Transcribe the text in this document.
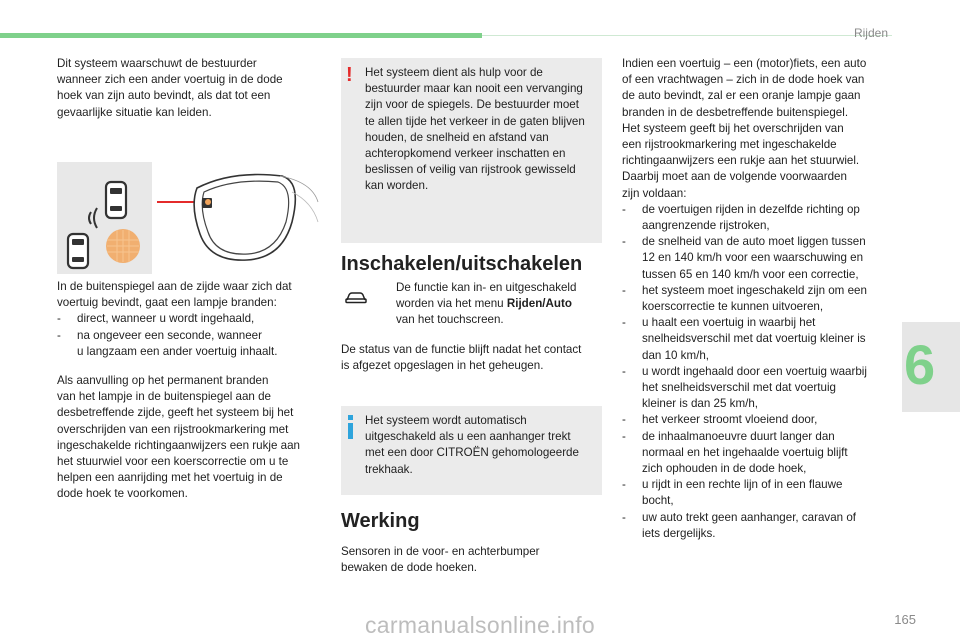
Rijden
6
Dit systeem waarschuwt de bestuurder
wanneer zich een ander voertuig in de dode
hoek van zijn auto bevindt, als dat tot een
gevaarlijke situatie kan leiden.
In de buitenspiegel aan de zijde waar zich dat
voertuig bevindt, gaat een lampje branden:
- direct, wanneer u wordt ingehaald,
- na ongeveer een seconde, wanneer
u langzaam een ander voertuig inhaalt.
Als aanvulling op het permanent branden
van het lampje in de buitenspiegel aan de
desbetreffende zijde, geeft het systeem bij het
overschrijden van een rijstrookmarkering met
ingeschakelde richtingaanwijzers een rukje aan
het stuurwiel voor een koerscorrectie om u te
helpen een aanrijding met het voertuig in de
dode hoek te voorkomen.
! Het systeem dient als hulp voor de
bestuurder maar kan nooit een vervanging
zijn voor de spiegels. De bestuurder moet
te allen tijde het verkeer in de gaten blijven
houden, de snelheid en afstand van
achteropkomend verkeer inschatten en
beslissen of veilig van rijstrook gewisseld
kan worden.
Inschakelen/uitschakelen
De functie kan in- en uitgeschakeld
worden via het menu Rijden/Auto
van het touchscreen.
De status van de functie blijft nadat het contact
is afgezet opgeslagen in het geheugen.
Het systeem wordt automatisch
uitgeschakeld als u een aanhanger trekt
met een door CITROËN gehomologeerde
trekhaak.
Werking
Sensoren in de voor- en achterbumper
bewaken de dode hoeken.
Indien een voertuig – een (motor)fiets, een auto
of een vrachtwagen – zich in de dode hoek van
de auto bevindt, zal er een oranje lampje gaan
branden in de desbetreffende buitenspiegel.
Het systeem geeft bij het overschrijden van
een rijstrookmarkering met ingeschakelde
richtingaanwijzers een rukje aan het stuurwiel.
Daarbij moet aan de volgende voorwaarden
zijn voldaan:
- de voertuigen rijden in dezelfde richting op
aangrenzende rijstroken,
- de snelheid van de auto moet liggen tussen
12 en 140 km/h voor een waarschuwing en
tussen 65 en 140 km/h voor een correctie,
- het systeem moet ingeschakeld zijn om een
koerscorrectie te kunnen uitvoeren,
- u haalt een voertuig in waarbij het
snelheidsverschil met dat voertuig kleiner is
dan 10 km/h,
- u wordt ingehaald door een voertuig waarbij
het snelheidsverschil met dat voertuig
kleiner is dan 25 km/h,
- het verkeer stroomt vloeiend door,
- de inhaalmanoeuvre duurt langer dan
normaal en het ingehaalde voertuig blijft
zich ophouden in de dode hoek,
- u rijdt in een rechte lijn of in een flauwe
bocht,
- uw auto trekt geen aanhanger, caravan of
iets dergelijks.
carmanualsonline.info	165
